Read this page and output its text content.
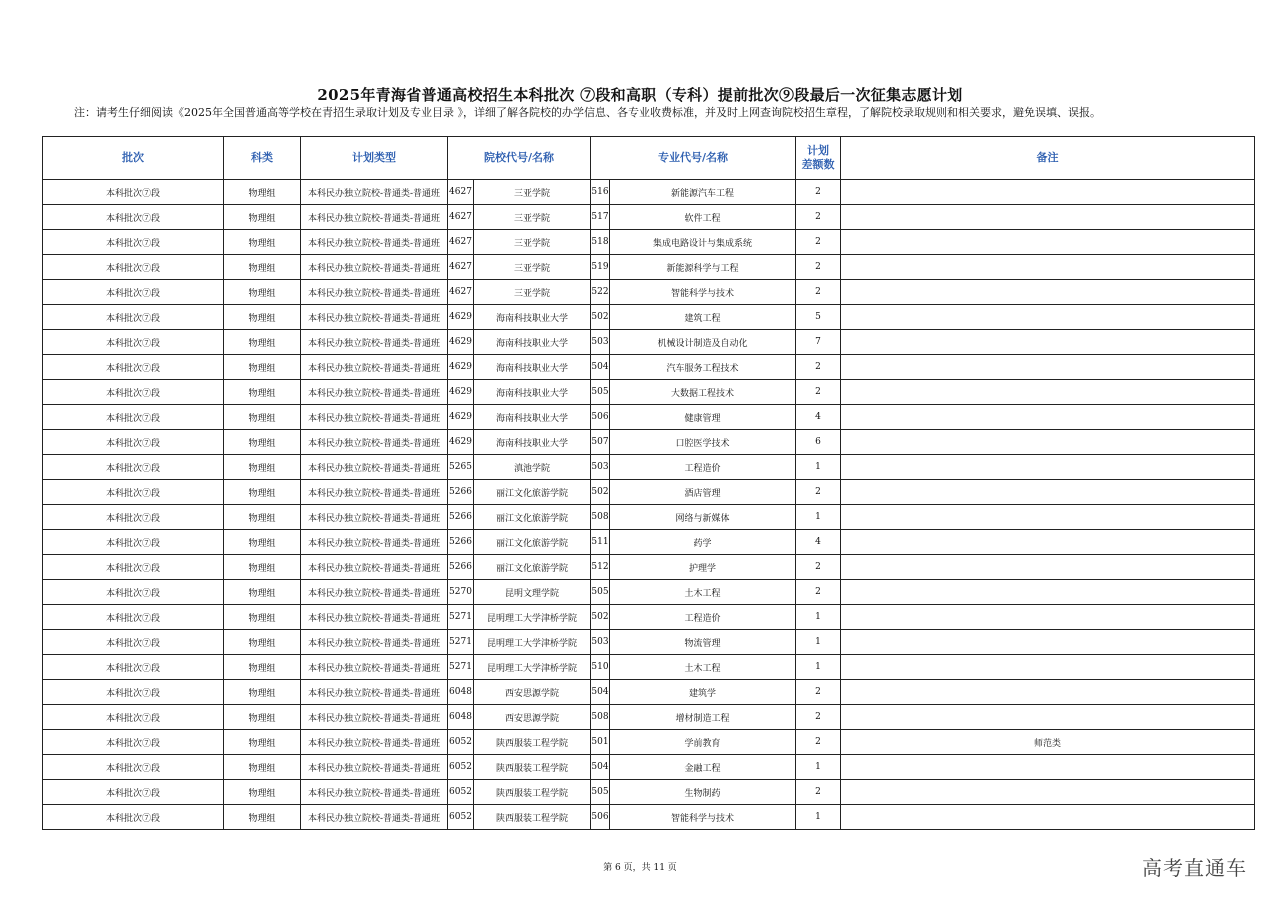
2025年青海省普通高校招生本科批次 ⑦段和高职（专科）提前批次⑨段最后一次征集志愿计划
注：请考生仔细阅读《2025年全国普通高等学校在青招生录取计划及专业目录 》，详细了解各院校的办学信息、各专业收费标准，并及时上网查询院校招生章程，了解院校录取规则和相关要求，避免误填、误报。
批次	科类	计划类型	院校代号/名称		专业代号/名称		计划
差额数	备注
本科批次⑦段	物理组	本科民办独立院校-普通类-普通班	4627	三亚学院	516	新能源汽车工程	2	
本科批次⑦段	物理组	本科民办独立院校-普通类-普通班	4627	三亚学院	517	软件工程	2	
本科批次⑦段	物理组	本科民办独立院校-普通类-普通班	4627	三亚学院	518	集成电路设计与集成系统	2	
本科批次⑦段	物理组	本科民办独立院校-普通类-普通班	4627	三亚学院	519	新能源科学与工程	2	
本科批次⑦段	物理组	本科民办独立院校-普通类-普通班	4627	三亚学院	522	智能科学与技术	2	
本科批次⑦段	物理组	本科民办独立院校-普通类-普通班	4629	海南科技职业大学	502	建筑工程	5	
本科批次⑦段	物理组	本科民办独立院校-普通类-普通班	4629	海南科技职业大学	503	机械设计制造及自动化	7	
本科批次⑦段	物理组	本科民办独立院校-普通类-普通班	4629	海南科技职业大学	504	汽车服务工程技术	2	
本科批次⑦段	物理组	本科民办独立院校-普通类-普通班	4629	海南科技职业大学	505	大数据工程技术	2	
本科批次⑦段	物理组	本科民办独立院校-普通类-普通班	4629	海南科技职业大学	506	健康管理	4	
本科批次⑦段	物理组	本科民办独立院校-普通类-普通班	4629	海南科技职业大学	507	口腔医学技术	6	
本科批次⑦段	物理组	本科民办独立院校-普通类-普通班	5265	滇池学院	503	工程造价	1	
本科批次⑦段	物理组	本科民办独立院校-普通类-普通班	5266	丽江文化旅游学院	502	酒店管理	2	
本科批次⑦段	物理组	本科民办独立院校-普通类-普通班	5266	丽江文化旅游学院	508	网络与新媒体	1	
本科批次⑦段	物理组	本科民办独立院校-普通类-普通班	5266	丽江文化旅游学院	511	药学	4	
本科批次⑦段	物理组	本科民办独立院校-普通类-普通班	5266	丽江文化旅游学院	512	护理学	2	
本科批次⑦段	物理组	本科民办独立院校-普通类-普通班	5270	昆明文理学院	505	土木工程	2	
本科批次⑦段	物理组	本科民办独立院校-普通类-普通班	5271	昆明理工大学津桥学院	502	工程造价	1	
本科批次⑦段	物理组	本科民办独立院校-普通类-普通班	5271	昆明理工大学津桥学院	503	物流管理	1	
本科批次⑦段	物理组	本科民办独立院校-普通类-普通班	5271	昆明理工大学津桥学院	510	土木工程	1	
本科批次⑦段	物理组	本科民办独立院校-普通类-普通班	6048	西安思源学院	504	建筑学	2	
本科批次⑦段	物理组	本科民办独立院校-普通类-普通班	6048	西安思源学院	508	增材制造工程	2	
本科批次⑦段	物理组	本科民办独立院校-普通类-普通班	6052	陕西服装工程学院	501	学前教育	2	师范类
本科批次⑦段	物理组	本科民办独立院校-普通类-普通班	6052	陕西服装工程学院	504	金融工程	1	
本科批次⑦段	物理组	本科民办独立院校-普通类-普通班	6052	陕西服装工程学院	505	生物制药	2	
本科批次⑦段	物理组	本科民办独立院校-普通类-普通班	6052	陕西服装工程学院	506	智能科学与技术	1	
第 6 页，共 11 页	高考直通车
